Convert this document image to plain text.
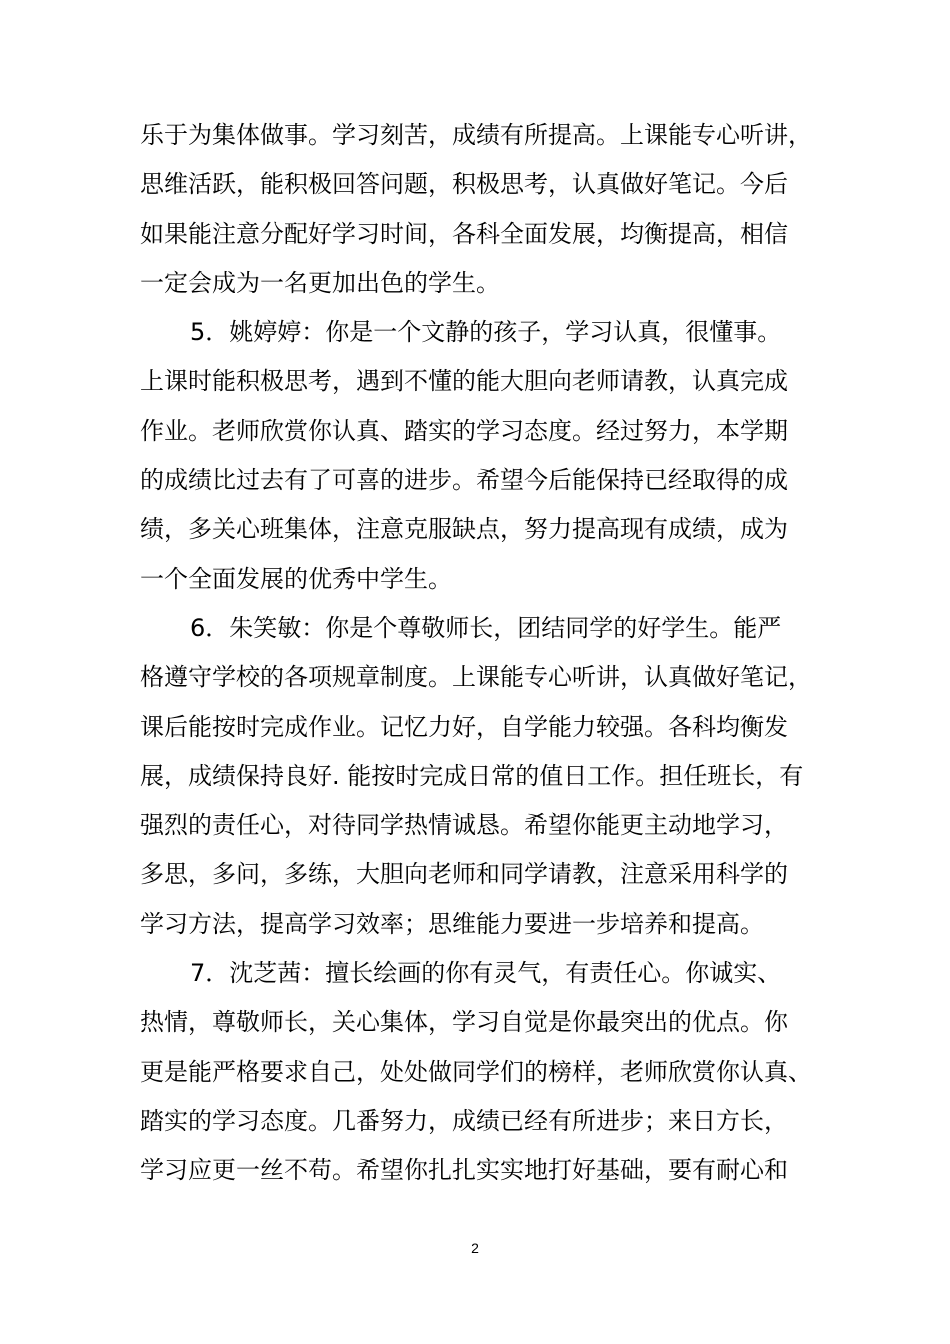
乐于为集体做事。学习刻苦，成绩有所提高。上课能专心听讲，
思维活跃，能积极回答问题，积极思考，认真做好笔记。今后
如果能注意分配好学习时间，各科全面发展，均衡提高，相信
一定会成为一名更加出色的学生。
5．姚婷婷：你是一个文静的孩子，学习认真，很懂事。
上课时能积极思考，遇到不懂的能大胆向老师请教，认真完成
作业。老师欣赏你认真、踏实的学习态度。经过努力，本学期
的成绩比过去有了可喜的进步。希望今后能保持已经取得的成
绩，多关心班集体，注意克服缺点，努力提高现有成绩，成为
一个全面发展的优秀中学生。
6．朱笑敏：你是个尊敬师长，团结同学的好学生。能严
格遵守学校的各项规章制度。上课能专心听讲，认真做好笔记，
课后能按时完成作业。记忆力好，自学能力较强。各科均衡发
展，成绩保持良好. 能按时完成日常的值日工作。担任班长，有
强烈的责任心，对待同学热情诚恳。希望你能更主动地学习，
多思，多问，多练，大胆向老师和同学请教，注意采用科学的
学习方法，提高学习效率；思维能力要进一步培养和提高。
7．沈芝茜：擅长绘画的你有灵气，有责任心。你诚实、
热情，尊敬师长，关心集体，学习自觉是你最突出的优点。你
更是能严格要求自己，处处做同学们的榜样，老师欣赏你认真、
踏实的学习态度。几番努力，成绩已经有所进步；来日方长，
学习应更一丝不苟。希望你扎扎实实地打好基础，要有耐心和
2
